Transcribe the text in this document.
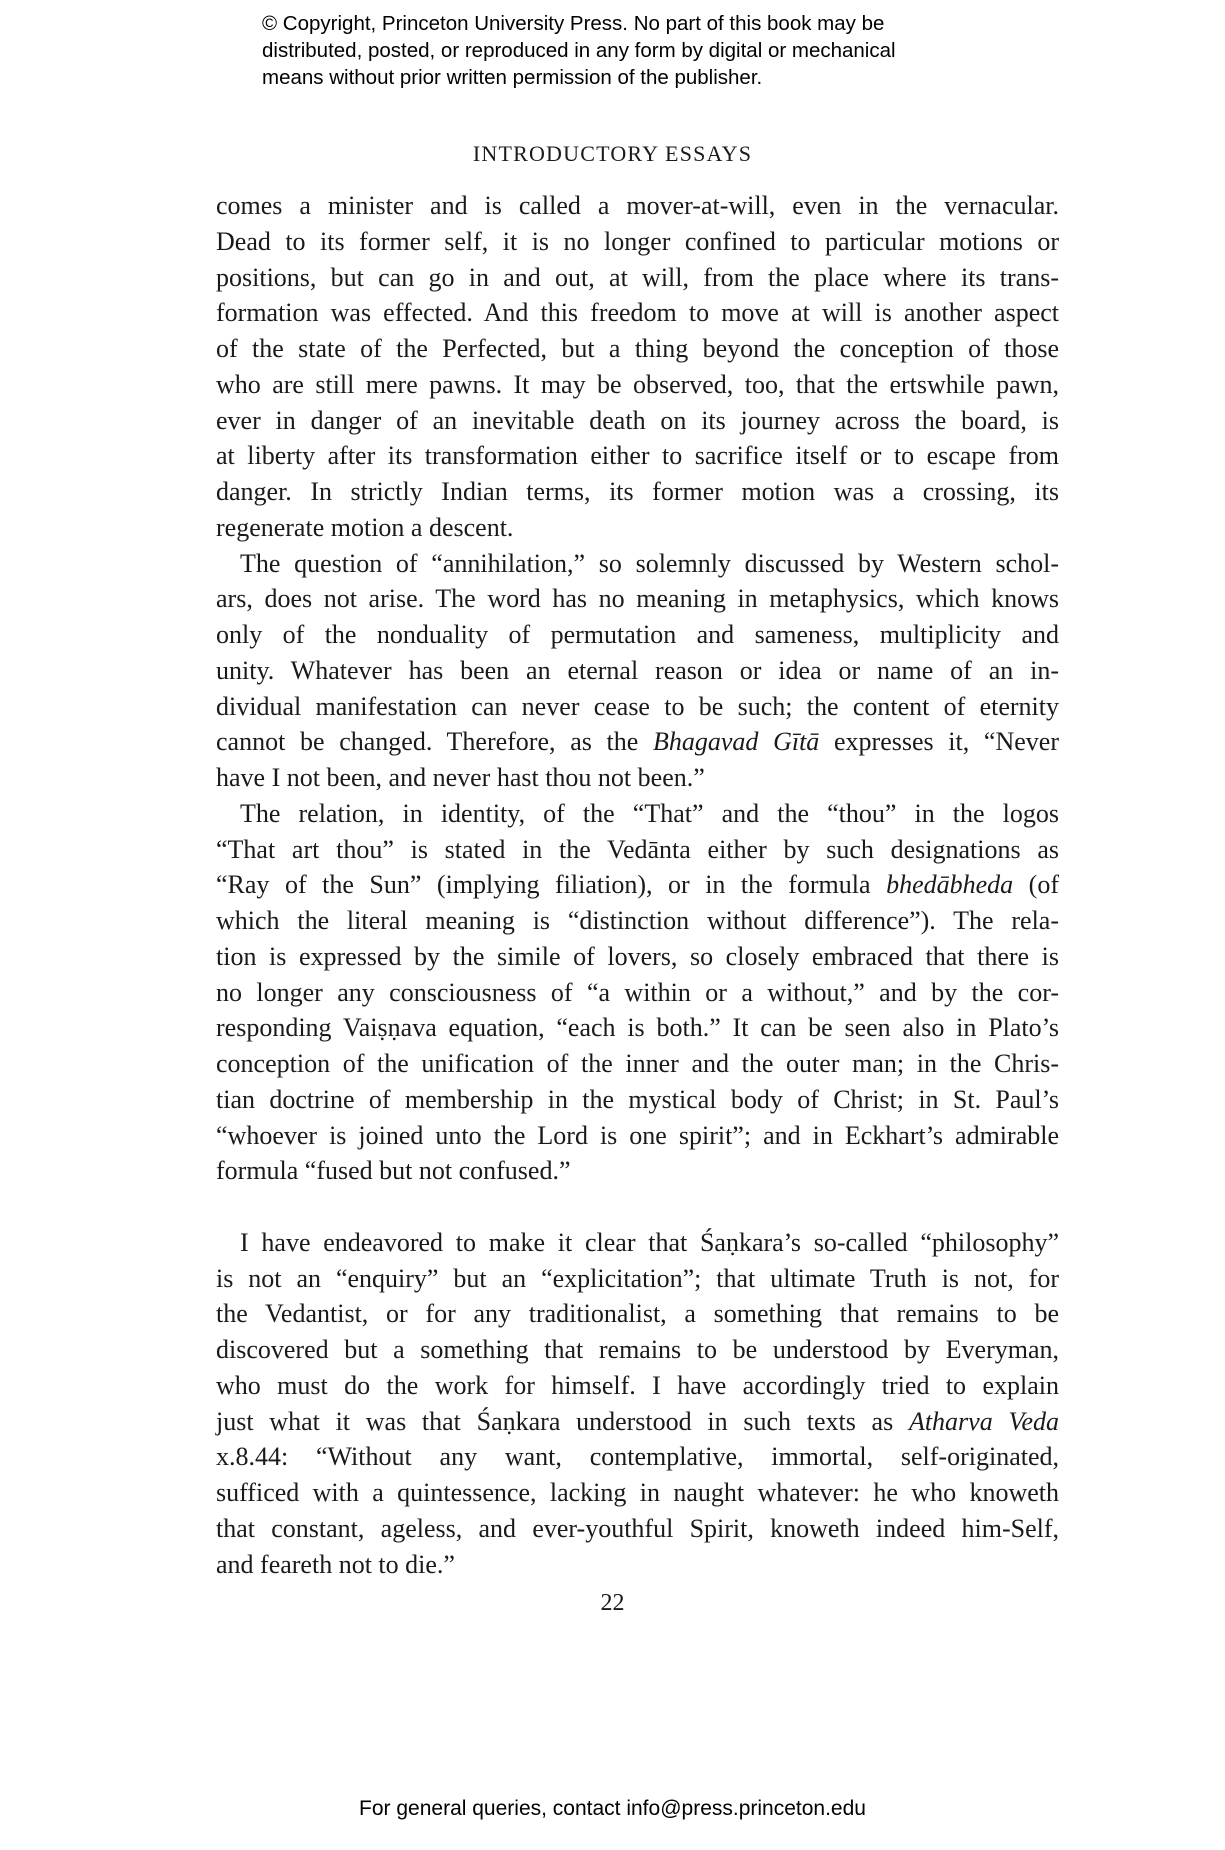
© Copyright, Princeton University Press. No part of this book may be
distributed, posted, or reproduced in any form by digital or mechanical
means without prior written permission of the publisher.
INTRODUCTORY ESSAYS

comes a minister and is called a mover-at-will, even in the vernacular.
Dead to its former self, it is no longer confined to particular motions or
positions, but can go in and out, at will, from the place where its trans-
formation was effected. And this freedom to move at will is another aspect
of the state of the Perfected, but a thing beyond the conception of those
who are still mere pawns. It may be observed, too, that the ertswhile pawn,
ever in danger of an inevitable death on its journey across the board, is
at liberty after its transformation either to sacrifice itself or to escape from
danger. In strictly Indian terms, its former motion was a crossing, its
regenerate motion a descent.

The question of “annihilation,” so solemnly discussed by Western schol-
ars, does not arise. The word has no meaning in metaphysics, which knows
only of the nonduality of permutation and sameness, multiplicity and
unity. Whatever has been an eternal reason or idea or name of an in-
dividual manifestation can never cease to be such; the content of eternity
cannot be changed. Therefore, as the Bhagavad Gītā expresses it, “Never
have I not been, and never hast thou not been.”

The relation, in identity, of the “That” and the “thou” in the logos
“That art thou” is stated in the Vedānta either by such designations as
“Ray of the Sun” (implying filiation), or in the formula bhedābheda (of
which the literal meaning is “distinction without difference”). The rela-
tion is expressed by the simile of lovers, so closely embraced that there is
no longer any consciousness of “a within or a without,” and by the cor-
responding Vaiṣṇava equation, “each is both.” It can be seen also in Plato’s
conception of the unification of the inner and the outer man; in the Chris-
tian doctrine of membership in the mystical body of Christ; in St. Paul’s
“whoever is joined unto the Lord is one spirit”; and in Eckhart’s admirable
formula “fused but not confused.”

I have endeavored to make it clear that Śaṇkara’s so-called “philosophy”
is not an “enquiry” but an “explicitation”; that ultimate Truth is not, for
the Vedantist, or for any traditionalist, a something that remains to be
discovered but a something that remains to be understood by Everyman,
who must do the work for himself. I have accordingly tried to explain
just what it was that Śaṇkara understood in such texts as Atharva Veda
x.8.44: “Without any want, contemplative, immortal, self-originated,
sufficed with a quintessence, lacking in naught whatever: he who knoweth
that constant, ageless, and ever-youthful Spirit, knoweth indeed him-Self,
and feareth not to die.”

22
For general queries, contact info@press.princeton.edu
